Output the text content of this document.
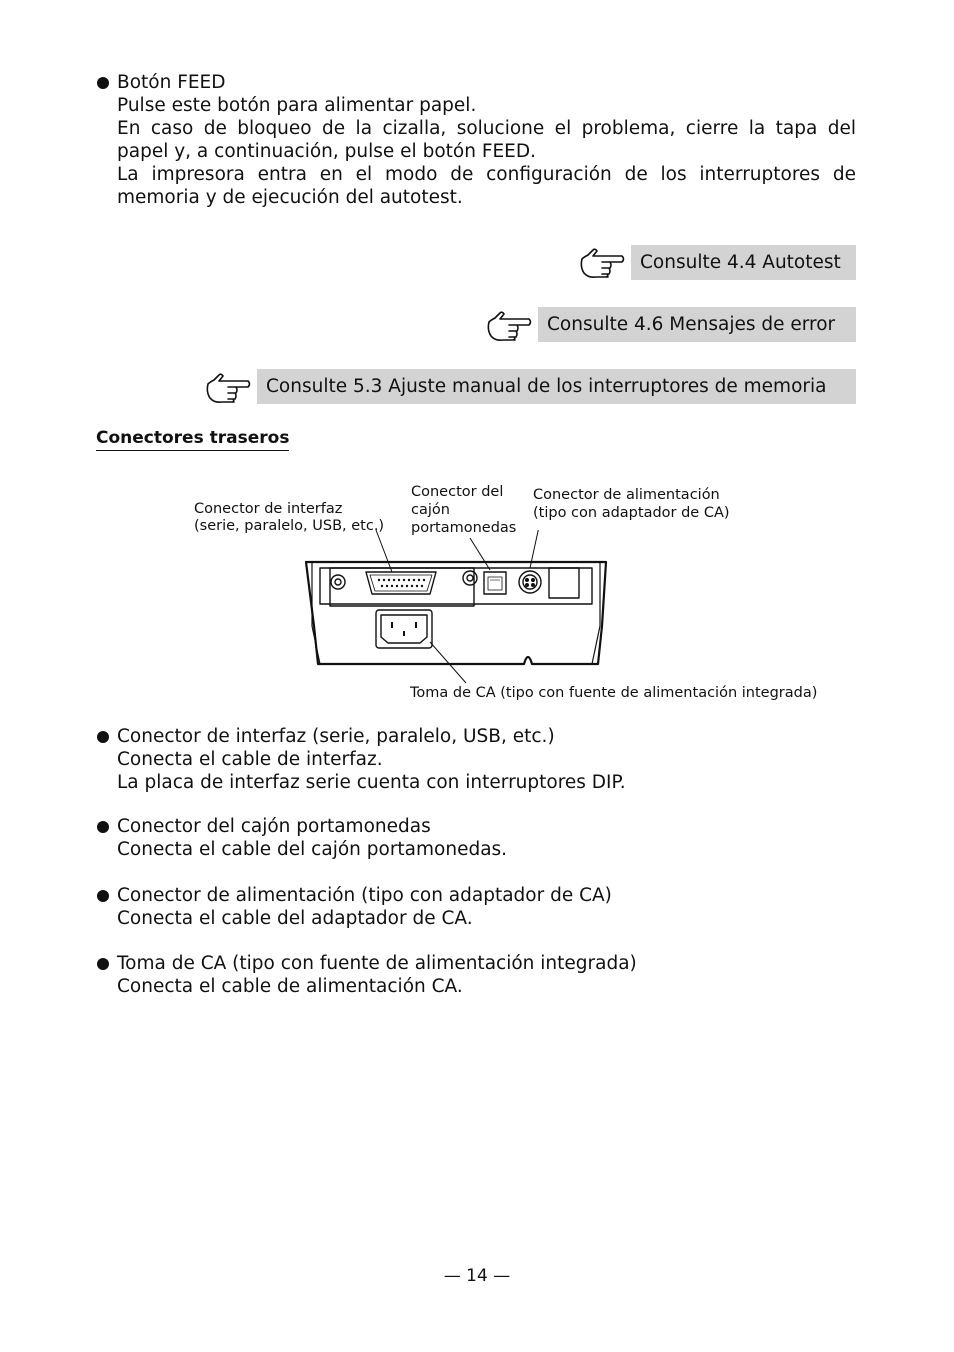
Botón FEED
Pulse este botón para alimentar papel.
En caso de bloqueo de la cizalla, solucione el problema, cierre la tapa del
papel y, a continuación, pulse el botón FEED.
La impresora entra en el modo de configuración de los interruptores de
memoria y de ejecución del autotest.
Consulte 4.4 Autotest
Consulte 4.6 Mensajes de error
Consulte 5.3 Ajuste manual de los interruptores de memoria
Conectores traseros
Conector de interfaz
(serie, paralelo, USB, etc.)
Conector del
cajón
portamonedas
Conector de alimentación
(tipo con adaptador de CA)
Toma de CA (tipo con fuente de alimentación integrada)
Conector de interfaz (serie, paralelo, USB, etc.)
Conecta el cable de interfaz.
La placa de interfaz serie cuenta con interruptores DIP.
Conector del cajón portamonedas
Conecta el cable del cajón portamonedas.
Conector de alimentación (tipo con adaptador de CA)
Conecta el cable del adaptador de CA.
Toma de CA (tipo con fuente de alimentación integrada)
Conecta el cable de alimentación CA.
— 14 —
